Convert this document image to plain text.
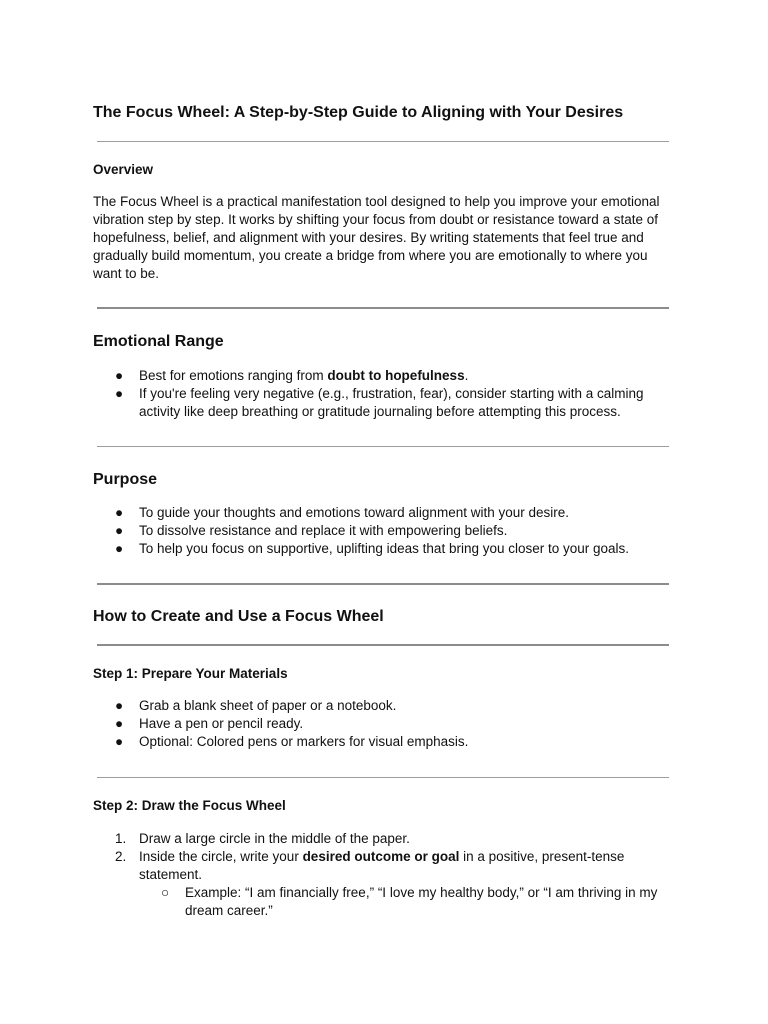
The Focus Wheel: A Step-by-Step Guide to Aligning with Your Desires
Overview
The Focus Wheel is a practical manifestation tool designed to help you improve your emotional vibration step by step. It works by shifting your focus from doubt or resistance toward a state of hopefulness, belief, and alignment with your desires. By writing statements that feel true and gradually build momentum, you create a bridge from where you are emotionally to where you want to be.
Emotional Range
●	Best for emotions ranging from doubt to hopefulness.
●	If you're feeling very negative (e.g., frustration, fear), consider starting with a calming activity like deep breathing or gratitude journaling before attempting this process.
Purpose
●	To guide your thoughts and emotions toward alignment with your desire.
●	To dissolve resistance and replace it with empowering beliefs.
●	To help you focus on supportive, uplifting ideas that bring you closer to your goals.
How to Create and Use a Focus Wheel
Step 1: Prepare Your Materials
●	Grab a blank sheet of paper or a notebook.
●	Have a pen or pencil ready.
●	Optional: Colored pens or markers for visual emphasis.
Step 2: Draw the Focus Wheel
1. Draw a large circle in the middle of the paper.
2. Inside the circle, write your desired outcome or goal in a positive, present-tense statement.
○	Example: “I am financially free,” “I love my healthy body,” or “I am thriving in my dream career.”
